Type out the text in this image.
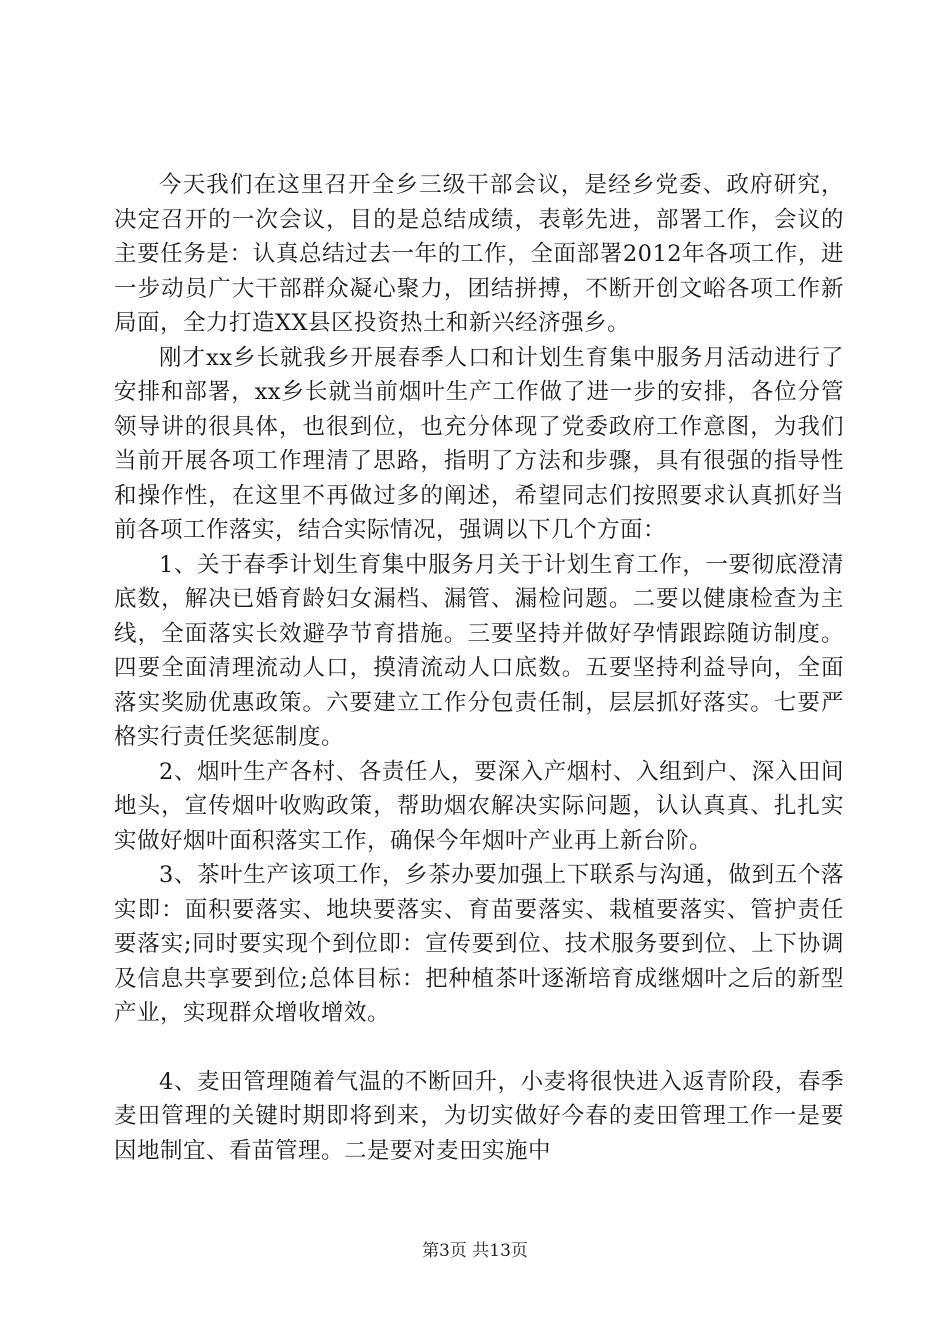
今天我们在这里召开全乡三级干部会议，是经乡党委、政府研究，决定召开的一次会议，目的是总结成绩，表彰先进，部署工作，会议的主要任务是：认真总结过去一年的工作，全面部署2012年各项工作，进一步动员广大干部群众凝心聚力，团结拼搏，不断开创文峪各项工作新局面，全力打造XX县区投资热土和新兴经济强乡。

刚才xx乡长就我乡开展春季人口和计划生育集中服务月活动进行了安排和部署，xx乡长就当前烟叶生产工作做了进一步的安排，各位分管领导讲的很具体，也很到位，也充分体现了党委政府工作意图，为我们当前开展各项工作理清了思路，指明了方法和步骤，具有很强的指导性和操作性，在这里不再做过多的阐述，希望同志们按照要求认真抓好当前各项工作落实，结合实际情况，强调以下几个方面：

1、关于春季计划生育集中服务月关于计划生育工作，一要彻底澄清底数，解决已婚育龄妇女漏档、漏管、漏检问题。二要以健康检查为主线，全面落实长效避孕节育措施。三要坚持并做好孕情跟踪随访制度。四要全面清理流动人口，摸清流动人口底数。五要坚持利益导向，全面落实奖励优惠政策。六要建立工作分包责任制，层层抓好落实。七要严格实行责任奖惩制度。

2、烟叶生产各村、各责任人，要深入产烟村、入组到户、深入田间地头，宣传烟叶收购政策，帮助烟农解决实际问题，认认真真、扎扎实实做好烟叶面积落实工作，确保今年烟叶产业再上新台阶。

3、茶叶生产该项工作，乡茶办要加强上下联系与沟通，做到五个落实即：面积要落实、地块要落实、育苗要落实、栽植要落实、管护责任要落实;同时要实现个到位即：宣传要到位、技术服务要到位、上下协调及信息共享要到位;总体目标：把种植茶叶逐渐培育成继烟叶之后的新型产业，实现群众增收增效。

4、麦田管理随着气温的不断回升，小麦将很快进入返青阶段，春季麦田管理的关键时期即将到来，为切实做好今春的麦田管理工作一是要因地制宜、看苗管理。二是要对麦田实施中

第3页 共13页
